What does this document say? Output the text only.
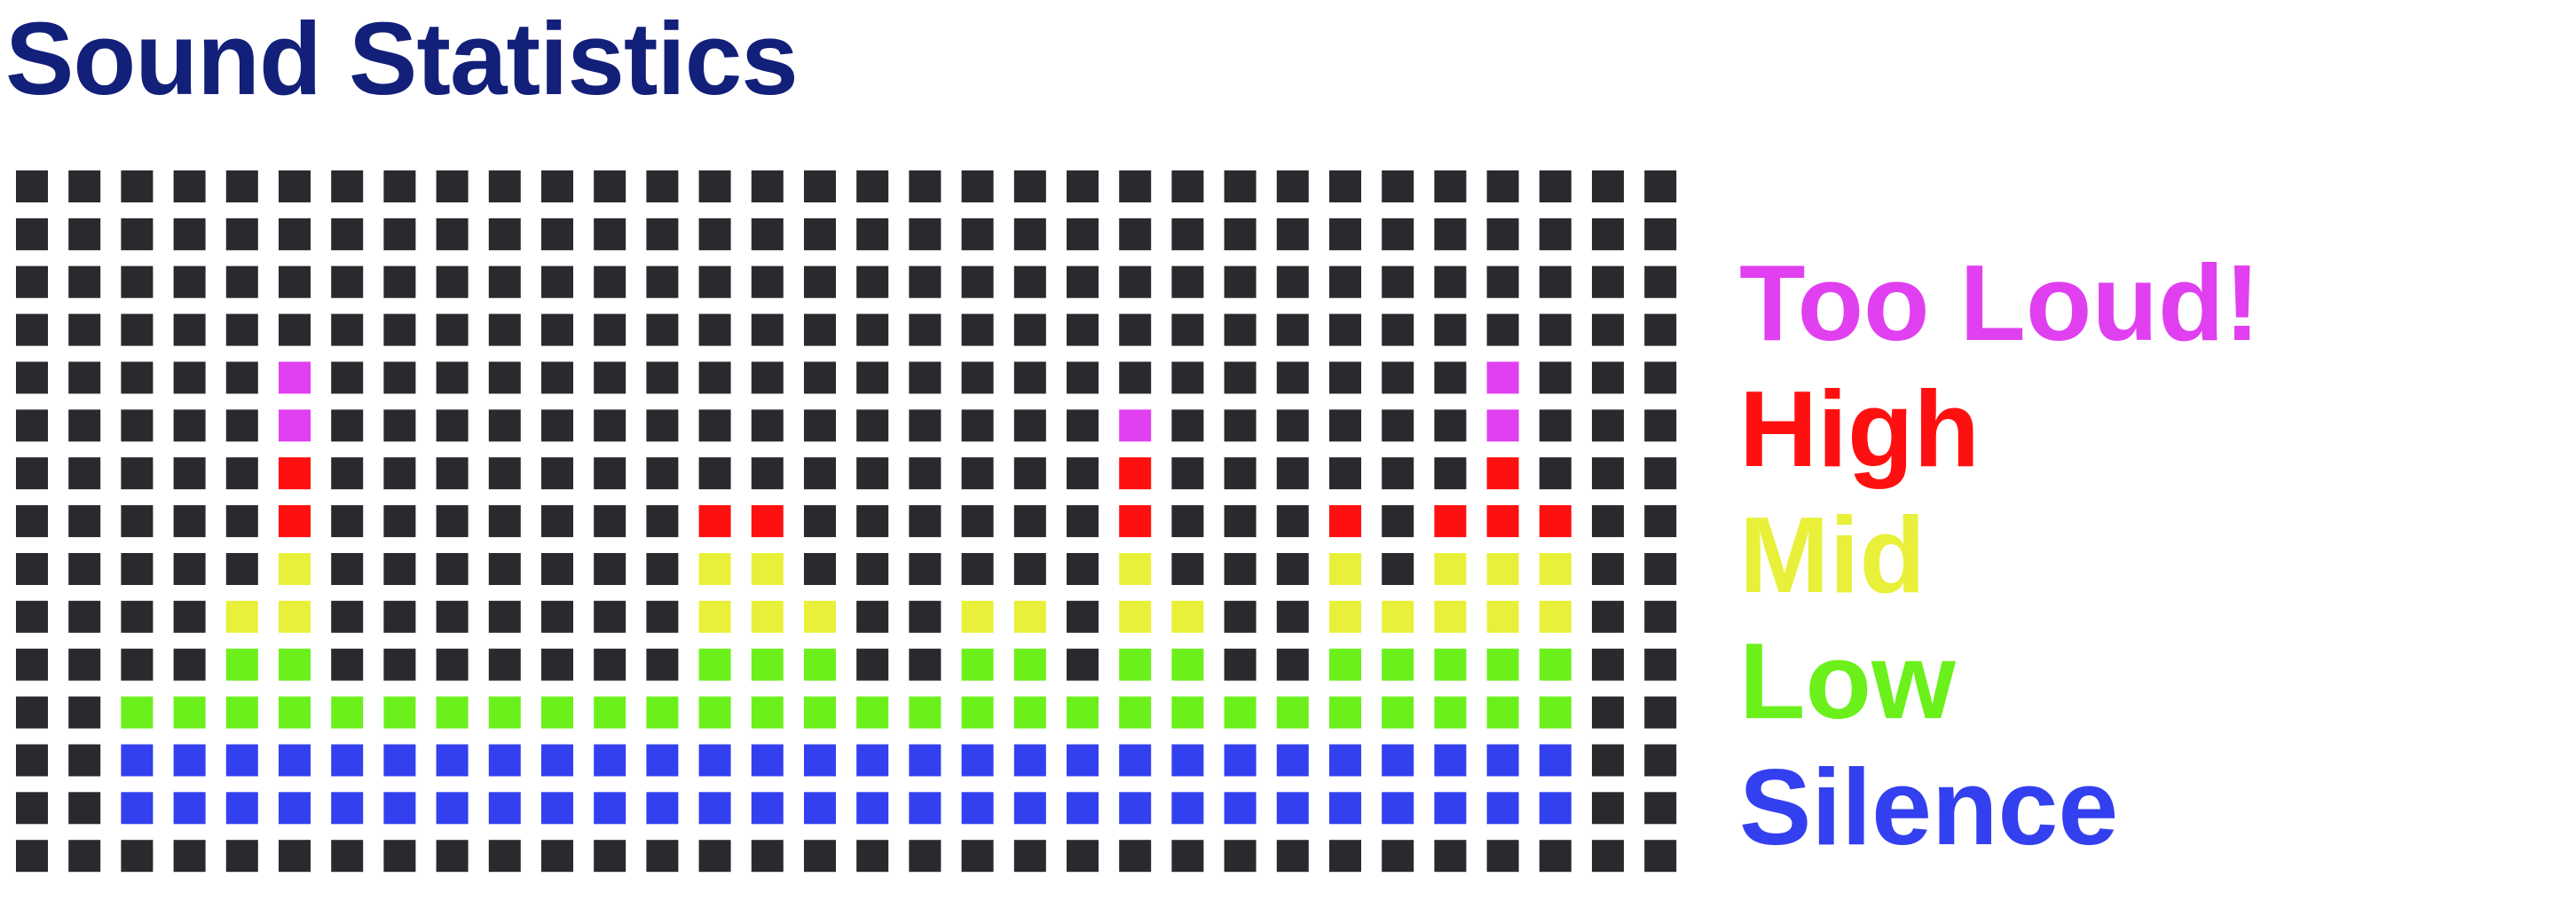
Sound Statistics
Too Loud!
High
Mid
Low
Silence
